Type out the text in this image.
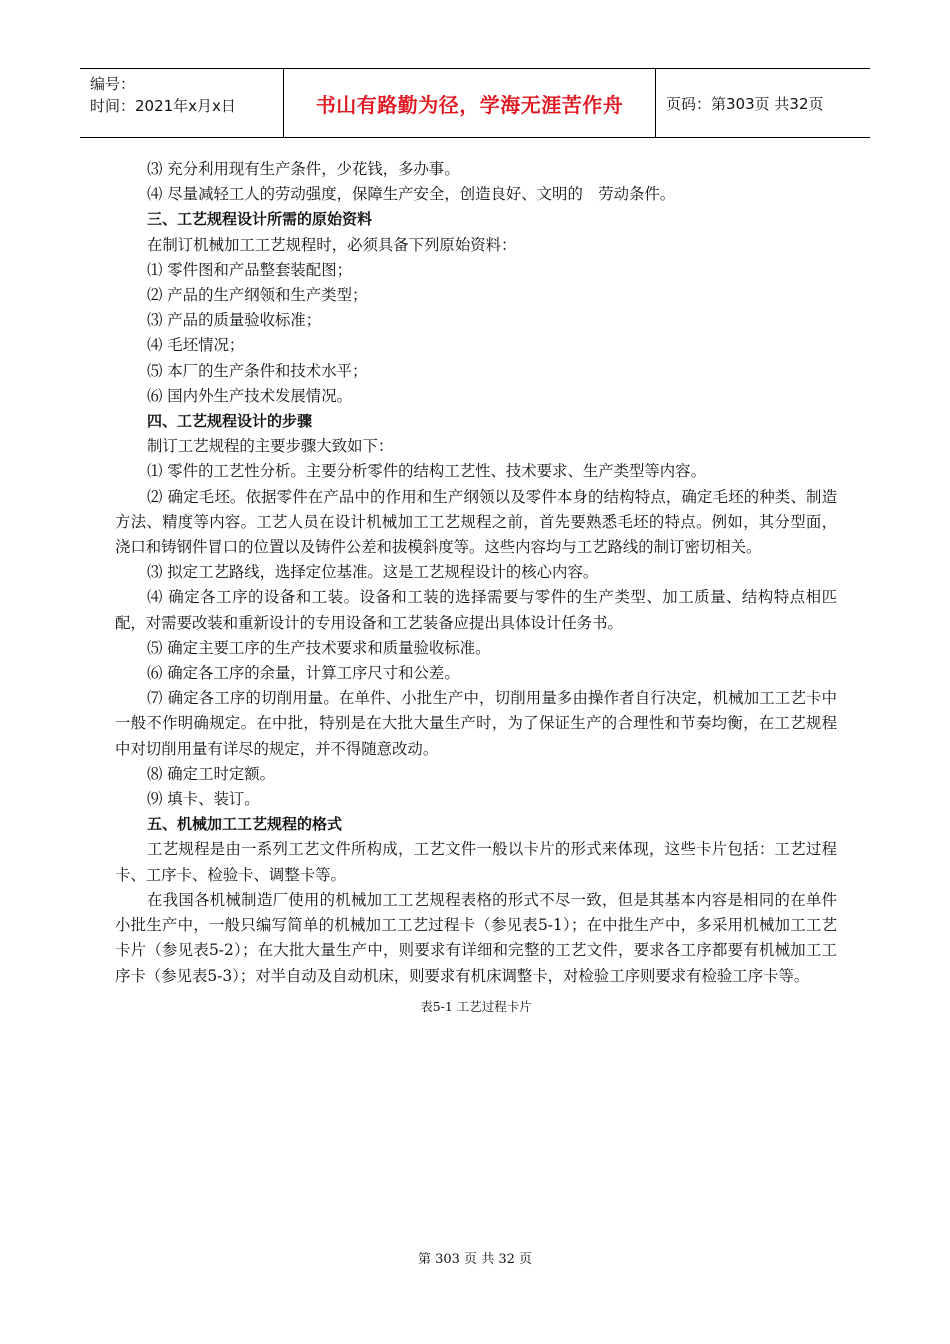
编号：
时间：2021年x月x日	书山有路勤为径，学海无涯苦作舟	页码：第303页 共32页

⑶ 充分利用现有生产条件，少花钱，多办事。

⑷ 尽量减轻工人的劳动强度，保障生产安全，创造良好、文明的　劳动条件。

三、工艺规程设计所需的原始资料

在制订机械加工工艺规程时，必须具备下列原始资料：

⑴ 零件图和产品整套装配图；

⑵ 产品的生产纲领和生产类型；

⑶ 产品的质量验收标准；

⑷ 毛坯情况；

⑸ 本厂的生产条件和技术水平；

⑹ 国内外生产技术发展情况。

四、工艺规程设计的步骤

制订工艺规程的主要步骤大致如下：

⑴ 零件的工艺性分析。主要分析零件的结构工艺性、技术要求、生产类型等内容。

⑵ 确定毛坯。依据零件在产品中的作用和生产纲领以及零件本身的结构特点，确定毛坯的种类、制造方法、精度等内容。工艺人员在设计机械加工工艺规程之前，首先要熟悉毛坯的特点。例如，其分型面，浇口和铸钢件冒口的位置以及铸件公差和拔模斜度等。这些内容均与工艺路线的制订密切相关。

⑶ 拟定工艺路线，选择定位基准。这是工艺规程设计的核心内容。

⑷ 确定各工序的设备和工装。设备和工装的选择需要与零件的生产类型、加工质量、结构特点相匹配，对需要改装和重新设计的专用设备和工艺装备应提出具体设计任务书。

⑸ 确定主要工序的生产技术要求和质量验收标准。

⑹ 确定各工序的余量，计算工序尺寸和公差。

⑺ 确定各工序的切削用量。在单件、小批生产中，切削用量多由操作者自行决定，机械加工工艺卡中一般不作明确规定。在中批，特别是在大批大量生产时，为了保证生产的合理性和节奏均衡，在工艺规程中对切削用量有详尽的规定，并不得随意改动。

⑻ 确定工时定额。

⑼ 填卡、装订。

五、机械加工工艺规程的格式

工艺规程是由一系列工艺文件所构成，工艺文件一般以卡片的形式来体现，这些卡片包括：工艺过程卡、工序卡、检验卡、调整卡等。

在我国各机械制造厂使用的机械加工工艺规程表格的形式不尽一致，但是其基本内容是相同的在单件小批生产中，一般只编写简单的机械加工工艺过程卡（参见表5-1）；在中批生产中，多采用机械加工工艺卡片（参见表5-2）；在大批大量生产中，则要求有详细和完整的工艺文件，要求各工序都要有机械加工工序卡（参见表5-3）；对半自动及自动机床，则要求有机床调整卡，对检验工序则要求有检验工序卡等。

表5-1 工艺过程卡片
第 303 页 共 32 页
